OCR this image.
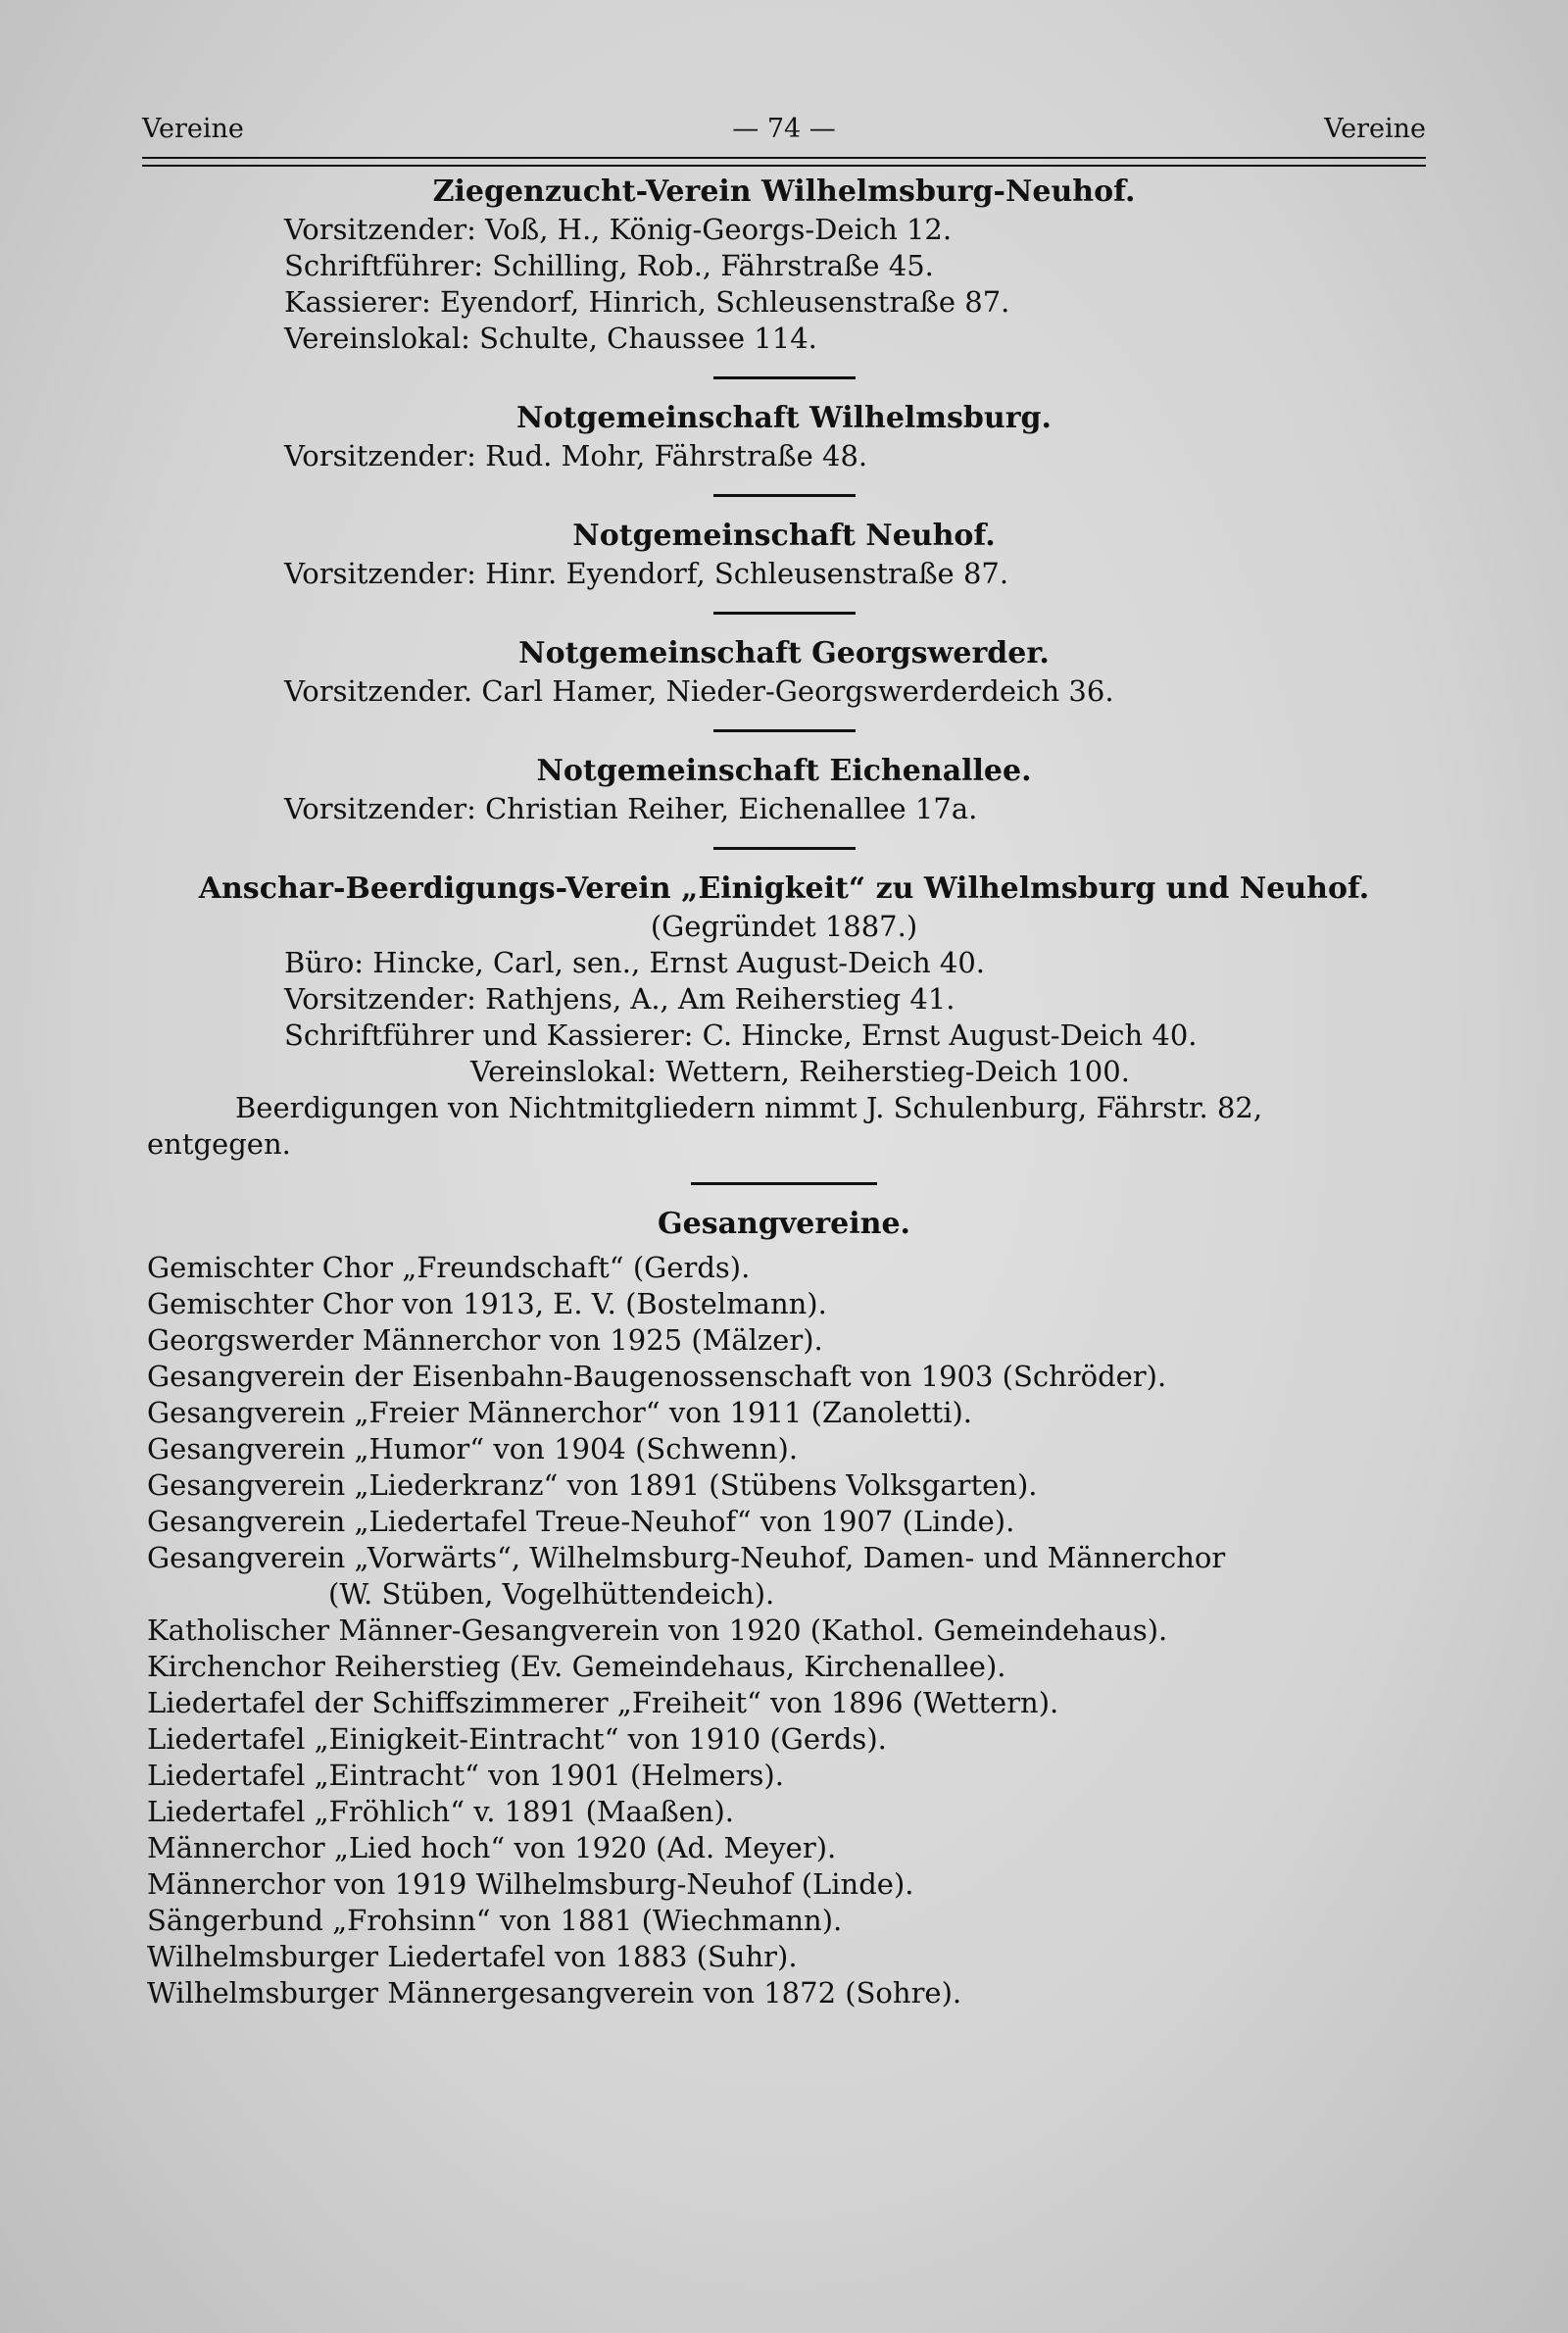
Vereine	— 74 —	Vereine
Ziegenzucht-Verein Wilhelmsburg-Neuhof.
Vorsitzender: Voß, H., König-Georgs-Deich 12.
Schriftführer: Schilling, Rob., Fährstraße 45.
Kassierer: Eyendorf, Hinrich, Schleusenstraße 87.
Vereinslokal: Schulte, Chaussee 114.
Notgemeinschaft Wilhelmsburg.
Vorsitzender: Rud. Mohr, Fährstraße 48.
Notgemeinschaft Neuhof.
Vorsitzender: Hinr. Eyendorf, Schleusenstraße 87.
Notgemeinschaft Georgswerder.
Vorsitzender. Carl Hamer, Nieder-Georgswerderdeich 36.
Notgemeinschaft Eichenallee.
Vorsitzender: Christian Reiher, Eichenallee 17a.
Anschar-Beerdigungs-Verein „Einigkeit“ zu Wilhelmsburg und Neuhof.
(Gegründet 1887.)
Büro: Hincke, Carl, sen., Ernst August-Deich 40.
Vorsitzender: Rathjens, A., Am Reiherstieg 41.
Schriftführer und Kassierer: C. Hincke, Ernst August-Deich 40.
Vereinslokal: Wettern, Reiherstieg-Deich 100.
Beerdigungen von Nichtmitgliedern nimmt J. Schulenburg, Fährstr. 82,
entgegen.
Gesangvereine.
Gemischter Chor „Freundschaft“ (Gerds).
Gemischter Chor von 1913, E. V. (Bostelmann).
Georgswerder Männerchor von 1925 (Mälzer).
Gesangverein der Eisenbahn-Baugenossenschaft von 1903 (Schröder).
Gesangverein „Freier Männerchor“ von 1911 (Zanoletti).
Gesangverein „Humor“ von 1904 (Schwenn).
Gesangverein „Liederkranz“ von 1891 (Stübens Volksgarten).
Gesangverein „Liedertafel Treue-Neuhof“ von 1907 (Linde).
Gesangverein „Vorwärts“, Wilhelmsburg-Neuhof, Damen- und Männerchor
(W. Stüben, Vogelhüttendeich).
Katholischer Männer-Gesangverein von 1920 (Kathol. Gemeindehaus).
Kirchenchor Reiherstieg (Ev. Gemeindehaus, Kirchenallee).
Liedertafel der Schiffszimmerer „Freiheit“ von 1896 (Wettern).
Liedertafel „Einigkeit-Eintracht“ von 1910 (Gerds).
Liedertafel „Eintracht“ von 1901 (Helmers).
Liedertafel „Fröhlich“ v. 1891 (Maaßen).
Männerchor „Lied hoch“ von 1920 (Ad. Meyer).
Männerchor von 1919 Wilhelmsburg-Neuhof (Linde).
Sängerbund „Frohsinn“ von 1881 (Wiechmann).
Wilhelmsburger Liedertafel von 1883 (Suhr).
Wilhelmsburger Männergesangverein von 1872 (Sohre).
